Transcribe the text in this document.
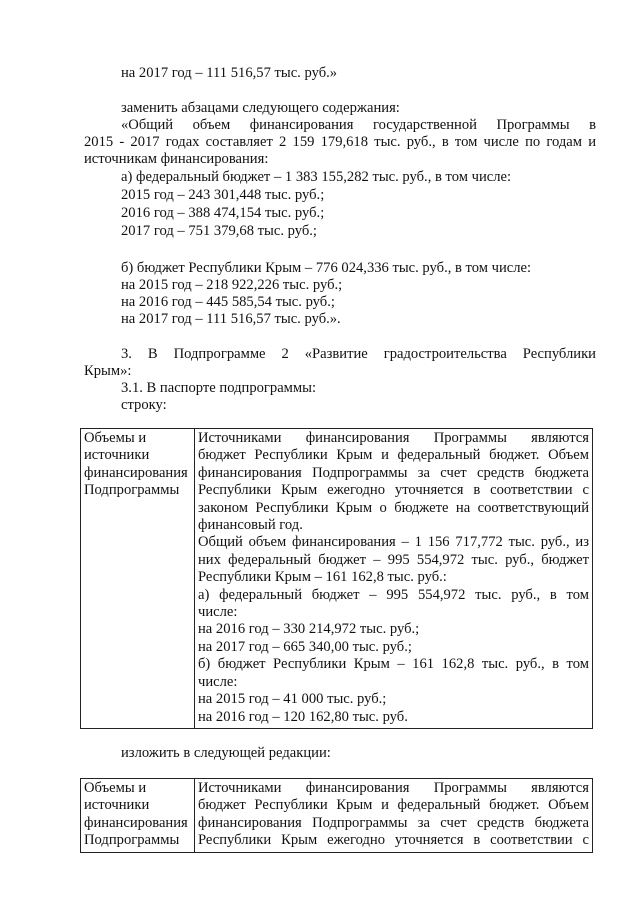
на 2017 год – 111 516,57 тыс. руб.»
заменить абзацами следующего содержания:
«Общий объем финансирования государственной Программы в
2015 - 2017 годах составляет 2 159 179,618 тыс. руб., в том числе по годам и
источникам финансирования:
а) федеральный бюджет – 1 383 155,282 тыс. руб., в том числе:
2015 год – 243 301,448 тыс. руб.;
2016 год – 388 474,154 тыс. руб.;
2017 год – 751 379,68 тыс. руб.;
б) бюджет Республики Крым – 776 024,336 тыс. руб., в том числе:
на 2015 год – 218 922,226 тыс. руб.;
на 2016 год – 445 585,54 тыс. руб.;
на 2017 год – 111 516,57 тыс. руб.».
3. В Подпрограмме 2 «Развитие градостроительства Республики
Крым»:
3.1. В паспорте подпрограммы:
строку:
Объемы и
источники
финансирования
Подпрограммы

Источниками финансирования Программы являются
бюджет Республики Крым и федеральный бюджет. Объем
финансирования Подпрограммы за счет средств бюджета
Республики Крым ежегодно уточняется в соответствии с
законом Республики Крым о бюджете на соответствующий
финансовый год.
Общий объем финансирования – 1 156 717,772 тыс. руб., из
них федеральный бюджет – 995 554,972 тыс. руб., бюджет
Республики Крым – 161 162,8 тыс. руб.:
а) федеральный бюджет – 995 554,972 тыс. руб., в том
числе:
на 2016 год – 330 214,972 тыс. руб.;
на 2017 год – 665 340,00 тыс. руб.;
б) бюджет Республики Крым – 161 162,8 тыс. руб., в том
числе:
на 2015 год – 41 000 тыс. руб.;
на 2016 год – 120 162,80 тыс. руб.
изложить в следующей редакции:
Объемы и
источники
финансирования
Подпрограммы

Источниками финансирования Программы являются
бюджет Республики Крым и федеральный бюджет. Объем
финансирования Подпрограммы за счет средств бюджета
Республики Крым ежегодно уточняется в соответствии с
